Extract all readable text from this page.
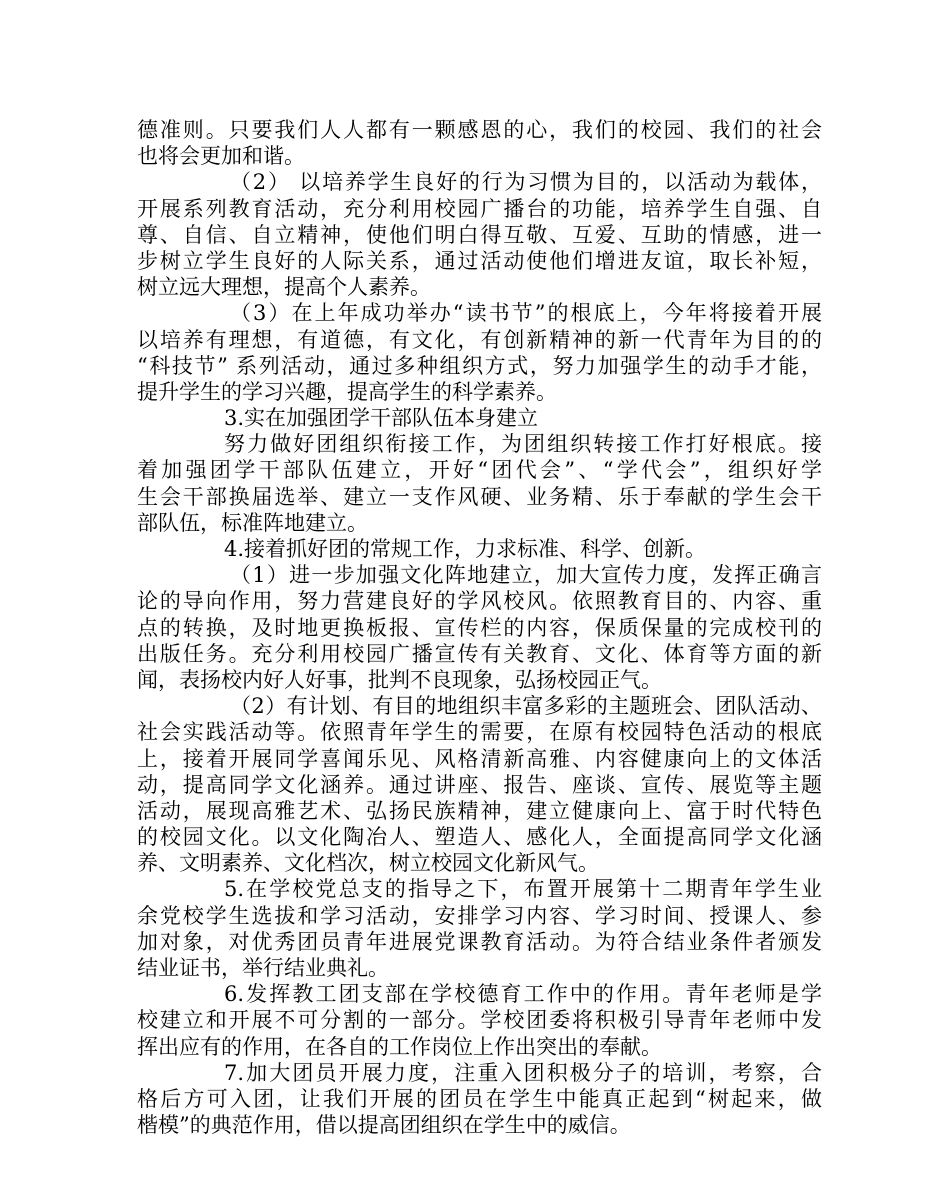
德准则。只要我们人人都有一颗感恩的心，我们的校园、我们的社会
也将会更加和谐。
（2） 以培养学生良好的行为习惯为目的，以活动为载体，
开展系列教育活动，充分利用校园广播台的功能，培养学生自强、自
尊、自信、自立精神，使他们明白得互敬、互爱、互助的情感，进一
步树立学生良好的人际关系，通过活动使他们增进友谊，取长补短，
树立远大理想，提高个人素养。
（3）在上年成功举办“读书节”的根底上，今年将接着开展
以培养有理想，有道德，有文化，有创新精神的新一代青年为目的的
“科技节” 系列活动，通过多种组织方式，努力加强学生的动手才能，
提升学生的学习兴趣，提高学生的科学素养。
3.实在加强团学干部队伍本身建立
努力做好团组织衔接工作，为团组织转接工作打好根底。接
着加强团学干部队伍建立，开好“团代会”、“学代会”，组织好学
生会干部换届选举、建立一支作风硬、业务精、乐于奉献的学生会干
部队伍，标准阵地建立。
4.接着抓好团的常规工作，力求标准、科学、创新。
（1）进一步加强文化阵地建立，加大宣传力度，发挥正确言
论的导向作用，努力营建良好的学风校风。依照教育目的、内容、重
点的转换，及时地更换板报、宣传栏的内容，保质保量的完成校刊的
出版任务。充分利用校园广播宣传有关教育、文化、体育等方面的新
闻，表扬校内好人好事，批判不良现象，弘扬校园正气。
（2）有计划、有目的地组织丰富多彩的主题班会、团队活动、
社会实践活动等。依照青年学生的需要，在原有校园特色活动的根底
上，接着开展同学喜闻乐见、风格清新高雅、内容健康向上的文体活
动，提高同学文化涵养。通过讲座、报告、座谈、宣传、展览等主题
活动，展现高雅艺术、弘扬民族精神，建立健康向上、富于时代特色
的校园文化。以文化陶冶人、塑造人、感化人，全面提高同学文化涵
养、文明素养、文化档次，树立校园文化新风气。
5.在学校党总支的指导之下，布置开展第十二期青年学生业
余党校学生选拔和学习活动，安排学习内容、学习时间、授课人、参
加对象，对优秀团员青年进展党课教育活动。为符合结业条件者颁发
结业证书，举行结业典礼。
6.发挥教工团支部在学校德育工作中的作用。青年老师是学
校建立和开展不可分割的一部分。学校团委将积极引导青年老师中发
挥出应有的作用，在各自的工作岗位上作出突出的奉献。
7.加大团员开展力度，注重入团积极分子的培训，考察，合
格后方可入团，让我们开展的团员在学生中能真正起到“树起来，做
楷模”的典范作用，借以提高团组织在学生中的威信。
